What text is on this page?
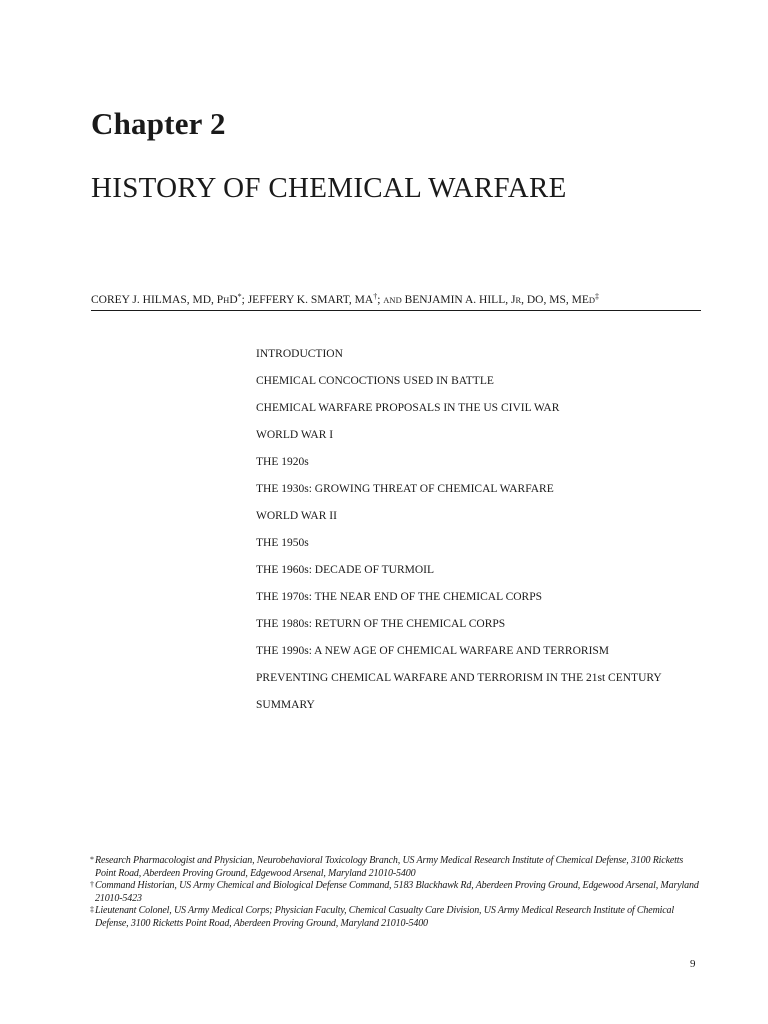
Chapter 2
HISTORY OF CHEMICAL WARFARE
COREY J. HILMAS, MD, PHD*; JEFFERY K. SMART, MA†; AND BENJAMIN A. HILL, JR, DO, MS, MED‡
INTRODUCTION
CHEMICAL CONCOCTIONS USED IN BATTLE
CHEMICAL WARFARE PROPOSALS IN THE US CIVIL WAR
WORLD WAR I
THE 1920s
THE 1930s: GROWING THREAT OF CHEMICAL WARFARE
WORLD WAR II
THE 1950s
THE 1960s: DECADE OF TURMOIL
THE 1970s: THE NEAR END OF THE CHEMICAL CORPS
THE 1980s: RETURN OF THE CHEMICAL CORPS
THE 1990s: A NEW AGE OF CHEMICAL WARFARE AND TERRORISM
PREVENTING CHEMICAL WARFARE AND TERRORISM IN THE 21st CENTURY
SUMMARY

* Research Pharmacologist and Physician, Neurobehavioral Toxicology Branch, US Army Medical Research Institute of Chemical Defense, 3100 Ricketts Point Road, Aberdeen Proving Ground, Edgewood Arsenal, Maryland 21010-5400

† Command Historian, US Army Chemical and Biological Defense Command, 5183 Blackhawk Rd, Aberdeen Proving Ground, Edgewood Arsenal, Maryland 21010-5423

‡ Lieutenant Colonel, US Army Medical Corps; Physician Faculty, Chemical Casualty Care Division, US Army Medical Research Institute of Chemical Defense, 3100 Ricketts Point Road, Aberdeen Proving Ground, Maryland 21010-5400

9
